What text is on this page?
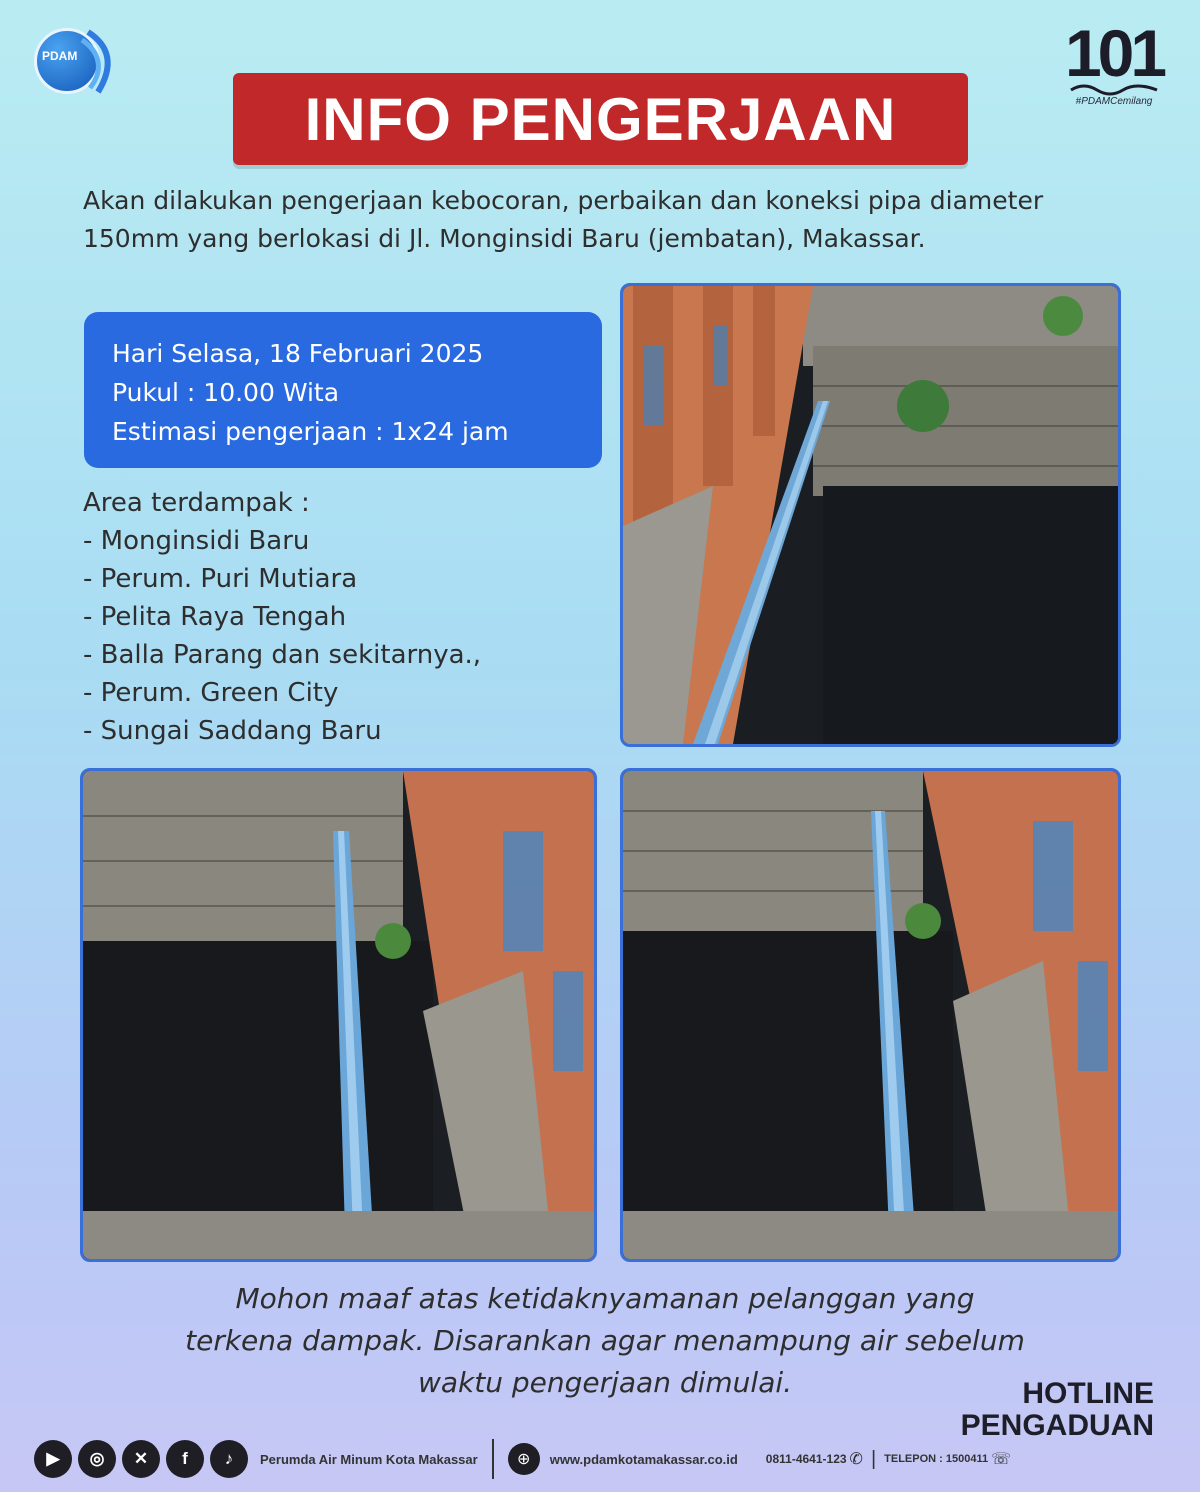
PDAM	101
#PDAMCemilang
INFO PENGERJAAN

Akan dilakukan pengerjaan kebocoran, perbaikan dan koneksi pipa diameter 150mm yang berlokasi di Jl. Monginsidi Baru (jembatan), Makassar.

Hari Selasa, 18 Februari 2025
Pukul : 10.00 Wita
Estimasi pengerjaan : 1x24 jam
Area terdampak :
- Monginsidi Baru
- Perum. Puri Mutiara
- Pelita Raya Tengah
- Balla Parang dan sekitarnya.,
- Perum. Green City
- Sungai Saddang Baru
Mohon maaf atas ketidaknyamanan pelanggan yang
terkena dampak. Disarankan agar menampung air sebelum
waktu pengerjaan dimulai.	HOTLINE
PENGADUAN
▶	◎	✕	f	♪	Perumda Air Minum Kota Makassar	⊕	www.pdamkotamakassar.co.id 0811-4641-123 ✆ | TELEPON : 1500411 ☏
